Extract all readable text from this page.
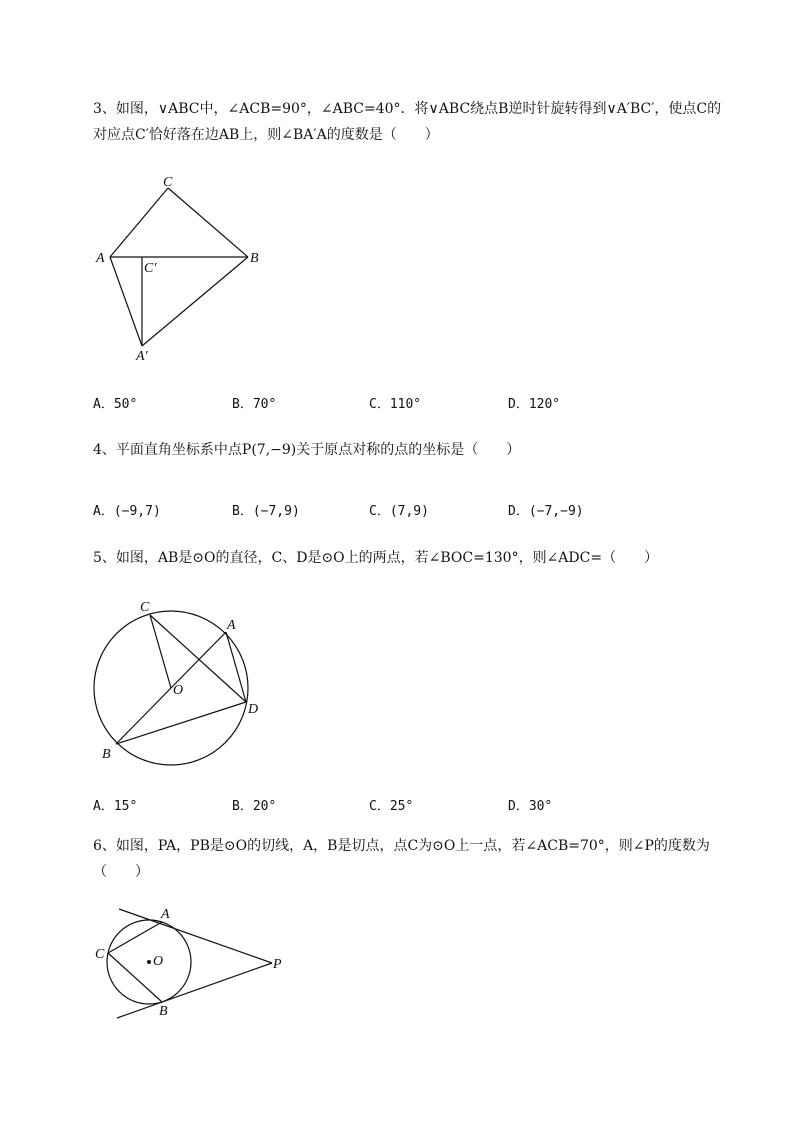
3、如图，∨ABC中，∠ACB=90°，∠ABC=40°．将∨ABC绕点B逆时针旋转得到∨A′BC′，使点C的
对应点C′恰好落在边AB上，则∠BA′A的度数是（　　）
C
A	B
C′
A′
A．50°	B．70°	C．110°	D．120°
4、平面直角坐标系中点P(7,−9)关于原点对称的点的坐标是（　　）
A．(−9,7)	B．(−7,9)	C．(7,9)	D．(−7,−9)
5、如图，AB是⊙O的直径，C、D是⊙O上的两点，若∠BOC=130°，则∠ADC=（　　）
C
A
O
D
B
A．15°	B．20°	C．25°	D．30°
6、如图，PA，PB是⊙O的切线，A，B是切点，点C为⊙O上一点，若∠ACB=70°，则∠P的度数为
（　　）
A
C	O	P
B
